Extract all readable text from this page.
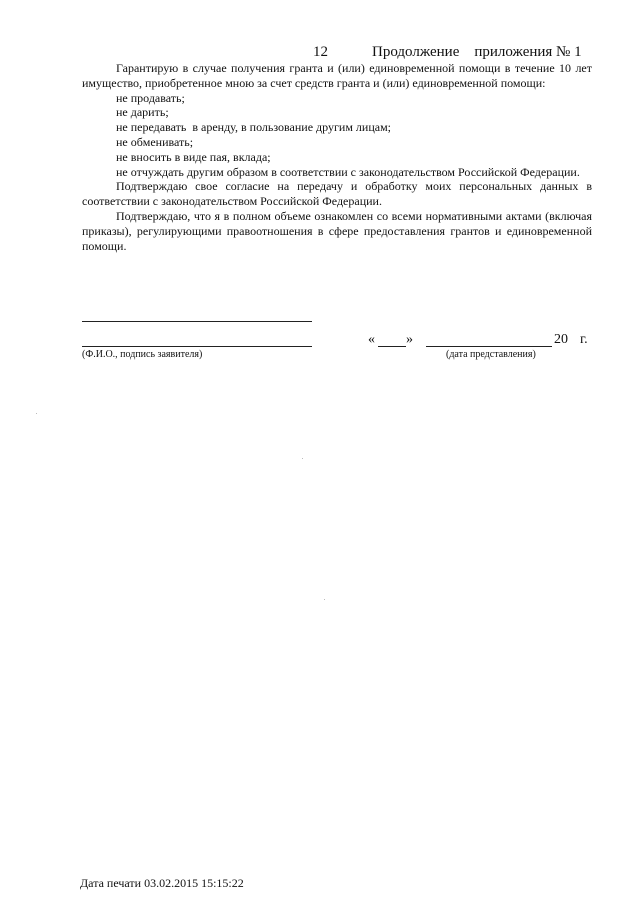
12	Продолжение    приложения № 1

Гарантирую в случае получения гранта и (или) единовременной помощи в течение 10 лет имущество, приобретенное мною за счет средств гранта и (или) единовременной помощи:

не продавать;

не дарить;

не передавать  в аренду, в пользование другим лицам;

не обменивать;

не вносить в виде пая, вклада;

не отчуждать другим образом в соответствии с законодательством Российской Федерации.

Подтверждаю свое согласие на передачу и обработку моих персональных данных в соответствии с законодательством Российской Федерации.

Подтверждаю, что я в полном объеме ознакомлен со всеми нормативными актами (включая приказы), регулирующими правоотношения в сфере предоставления грантов и единовременной помощи.

(Ф.И.О., подпись заявителя)
« »	20 г.
(дата представления)
Дата печати 03.02.2015 15:15:22
